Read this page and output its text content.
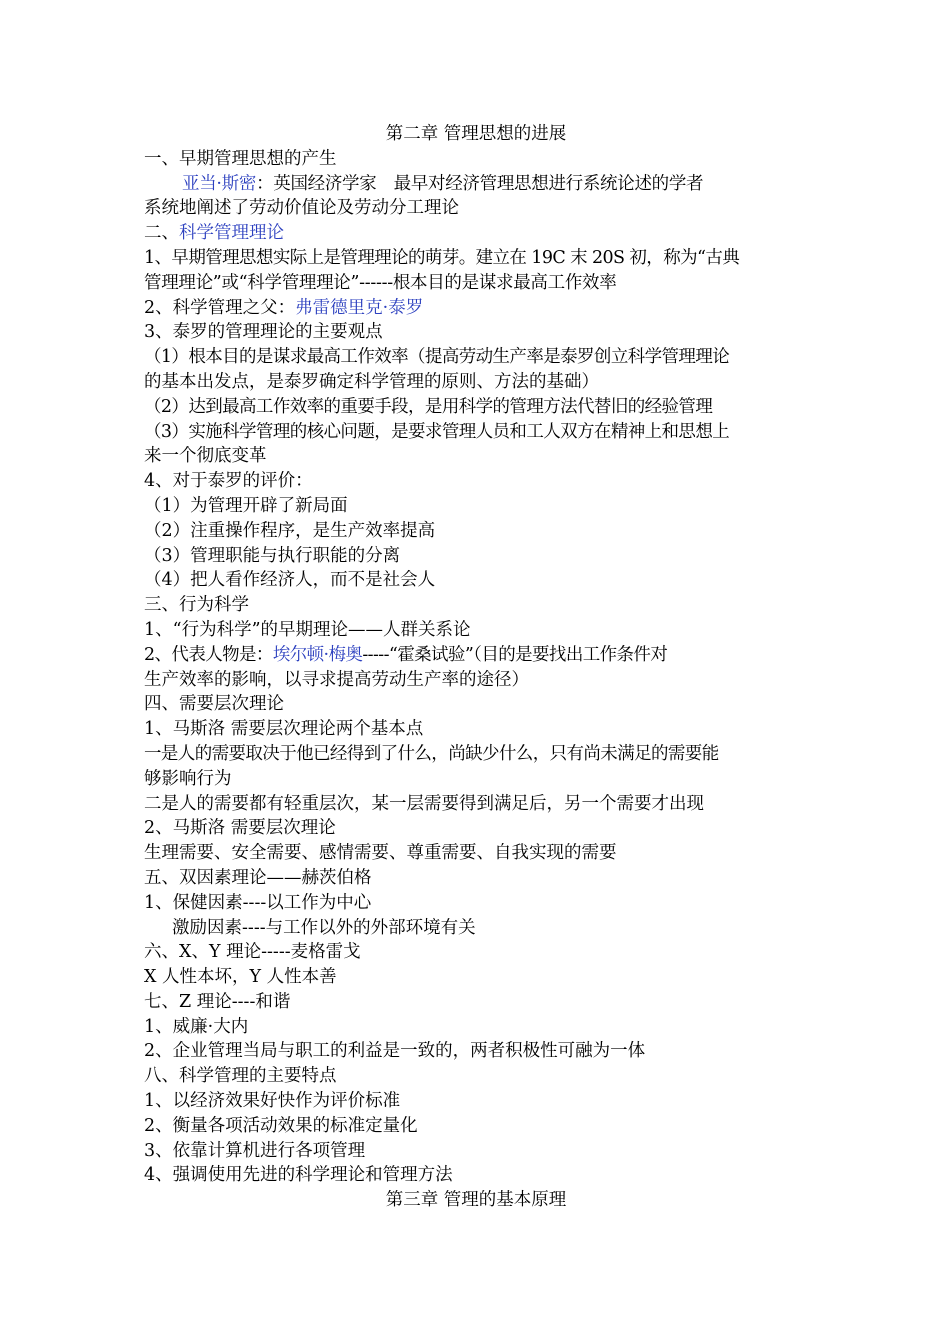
第二章 管理思想的进展
一、早期管理思想的产生
亚当·斯密：英国经济学家　最早对经济管理思想进行系统论述的学者
系统地阐述了劳动价值论及劳动分工理论
二、科学管理理论
1、早期管理思想实际上是管理理论的萌芽。建立在 19C 末 20S 初，称为“古典
管理理论”或“科学管理理论”------根本目的是谋求最高工作效率
2、科学管理之父：弗雷德里克·泰罗
3、泰罗的管理理论的主要观点
（1）根本目的是谋求最高工作效率（提高劳动生产率是泰罗创立科学管理理论
的基本出发点，是泰罗确定科学管理的原则、方法的基础）
（2）达到最高工作效率的重要手段，是用科学的管理方法代替旧的经验管理
（3）实施科学管理的核心问题，是要求管理人员和工人双方在精神上和思想上
来一个彻底变革
4、对于泰罗的评价：
（1）为管理开辟了新局面
（2）注重操作程序，是生产效率提高
（3）管理职能与执行职能的分离
（4）把人看作经济人，而不是社会人
三、行为科学
1、“行为科学”的早期理论——人群关系论
2、代表人物是：埃尔顿·梅奥-----“霍桑试验”（目的是要找出工作条件对
生产效率的影响，以寻求提高劳动生产率的途径）
四、需要层次理论
1、马斯洛 需要层次理论两个基本点
一是人的需要取决于他已经得到了什么，尚缺少什么，只有尚未满足的需要能
够影响行为
二是人的需要都有轻重层次，某一层需要得到满足后，另一个需要才出现
2、马斯洛 需要层次理论
生理需要、安全需要、感情需要、尊重需要、自我实现的需要
五、双因素理论——赫茨伯格
1、保健因素----以工作为中心
激励因素----与工作以外的外部环境有关
六、X、Y 理论-----麦格雷戈
X 人性本坏，Y 人性本善
七、Z 理论----和谐
1、威廉·大内
2、企业管理当局与职工的利益是一致的，两者积极性可融为一体
八、科学管理的主要特点
1、以经济效果好快作为评价标准
2、衡量各项活动效果的标准定量化
3、依靠计算机进行各项管理
4、强调使用先进的科学理论和管理方法
第三章 管理的基本原理
